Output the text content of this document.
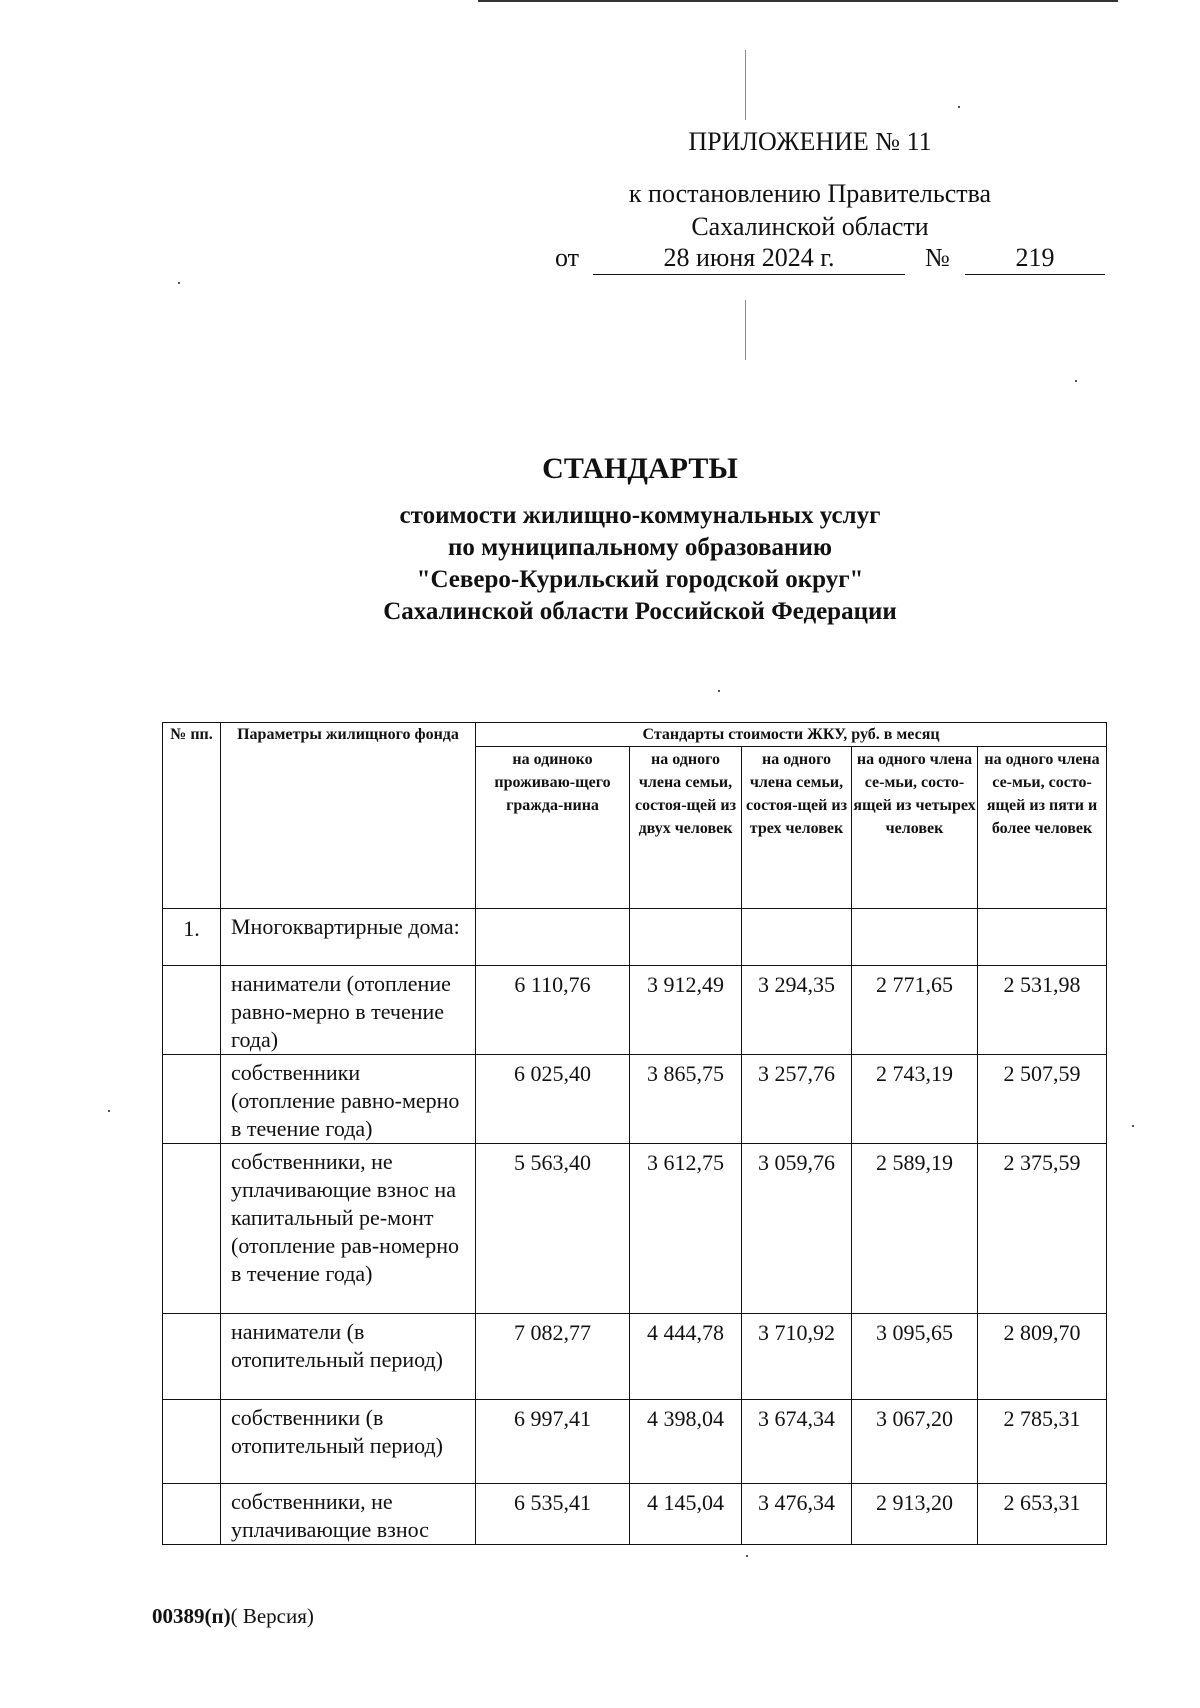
ПРИЛОЖЕНИЕ № 11
к постановлению Правительства
Сахалинской области
от	28 июня 2024 г.	№	219
СТАНДАРТЫ
стоимости жилищно-коммунальных услуг
по муниципальному образованию
"Северо-Курильский городской округ"
Сахалинской области Российской Федерации
№ пп.	Параметры жилищного фонда	Стандарты стоимости ЖКУ, руб. в месяц				
		на одиноко проживаю-щего гражда-нина	на одного члена семьи, состоя-щей из двух человек	на одного члена семьи, состоя-щей из трех человек	на одного члена се-мьи, состо-ящей из четырех человек	на одного члена се-мьи, состо-ящей из пяти и более человек
1.	Многоквартирные дома:					
	наниматели (отопление равно-мерно в течение года)	6 110,76	3 912,49	3 294,35	2 771,65	2 531,98
	собственники (отопление равно-мерно в течение года)	6 025,40	3 865,75	3 257,76	2 743,19	2 507,59
	собственники, не уплачивающие взнос на капитальный ре-монт (отопление рав-номерно в течение года)	5 563,40	3 612,75	3 059,76	2 589,19	2 375,59
	наниматели (в отопительный период)	7 082,77	4 444,78	3 710,92	3 095,65	2 809,70
	собственники (в отопительный период)	6 997,41	4 398,04	3 674,34	3 067,20	2 785,31
	собственники, не уплачивающие взнос	6 535,41	4 145,04	3 476,34	2 913,20	2 653,31
00389(п)( Версия)
